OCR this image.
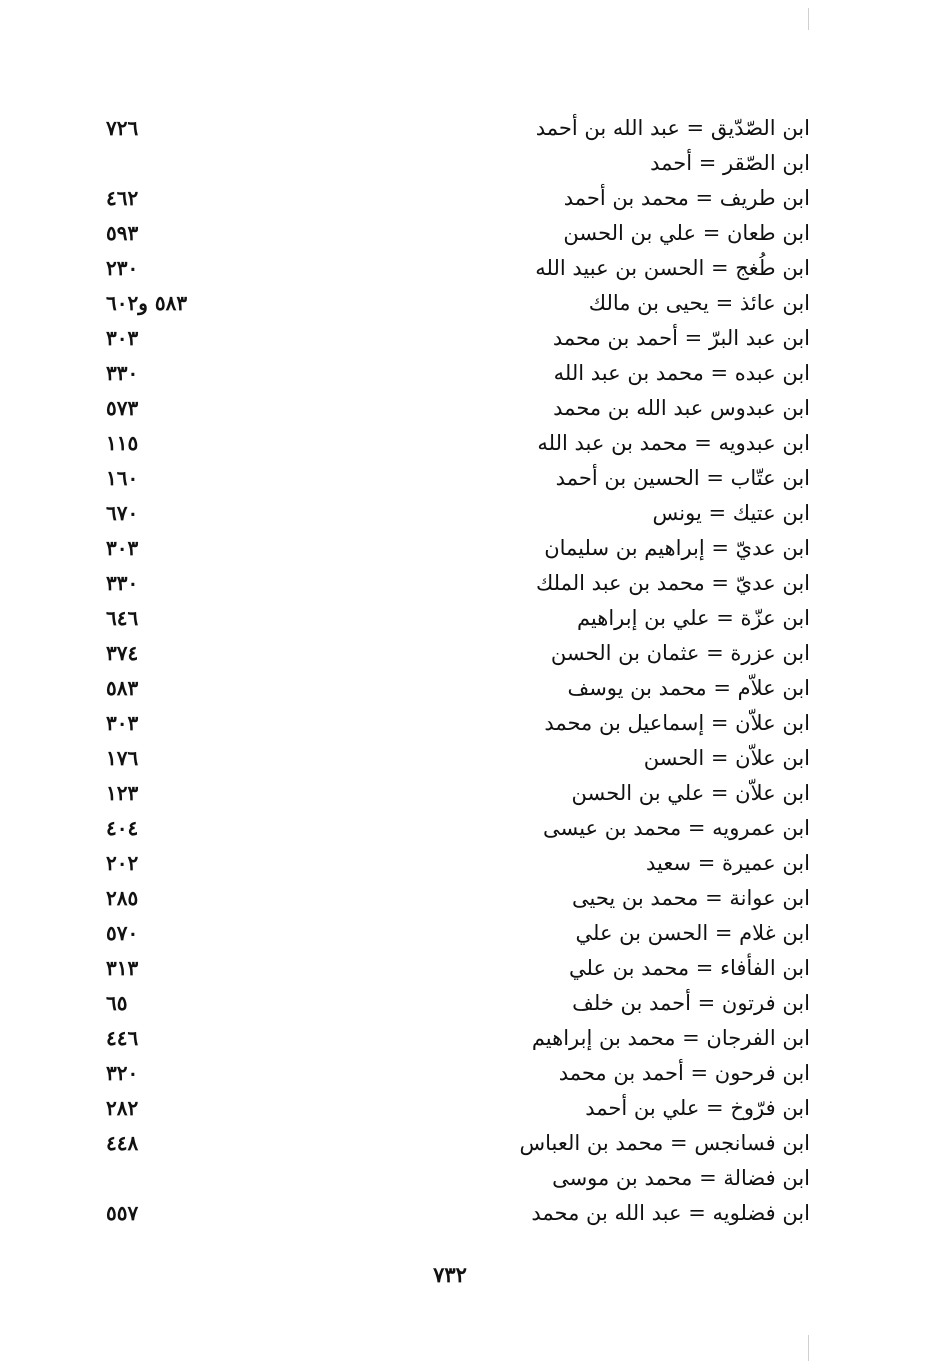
ابن الصّدّيق = عبد الله بن أحمد
٧٢٦
ابن الصّقر = أحمد
ابن طريف = محمد بن أحمد
٤٦٢
ابن طعان = علي بن الحسن
٥٩٣
ابن طُغج = الحسن بن عبيد الله
٢٣٠
ابن عائذ = يحيى بن مالك
٥٨٣ و٦٠٢
ابن عبد البرّ = أحمد بن محمد
٣٠٣
ابن عبده = محمد بن عبد الله
٣٣٠
ابن عبدوس عبد الله بن محمد
٥٧٣
ابن عبدويه = محمد بن عبد الله
١١٥
ابن عتّاب = الحسين بن أحمد
١٦٠
ابن عتيك = يونس
٦٧٠
ابن عديّ = إبراهيم بن سليمان
٣٠٣
ابن عديّ = محمد بن عبد الملك
٣٣٠
ابن عزّة = علي بن إبراهيم
٦٤٦
ابن عزرة = عثمان بن الحسن
٣٧٤
ابن علاّم = محمد بن يوسف
٥٨٣
ابن علاّن = إسماعيل بن محمد
٣٠٣
ابن علاّن = الحسن
١٧٦
ابن علاّن = علي بن الحسن
١٢٣
ابن عمرويه = محمد بن عيسى
٤٠٤
ابن عميرة = سعيد
٢٠٢
ابن عوانة = محمد بن يحيى
٢٨٥
ابن غلام = الحسن بن علي
٥٧٠
ابن الفأفاء = محمد بن علي
٣١٣
ابن فرتون = أحمد بن خلف
٦٥
ابن الفرجان = محمد بن إبراهيم
٤٤٦
ابن فرحون = أحمد بن محمد
٣٢٠
ابن فرّوخ = علي بن أحمد
٢٨٢
ابن فسانجس = محمد بن العباس
٤٤٨
ابن فضالة = محمد بن موسى
ابن فضلويه = عبد الله بن محمد
٥٥٧
٧٣٢
